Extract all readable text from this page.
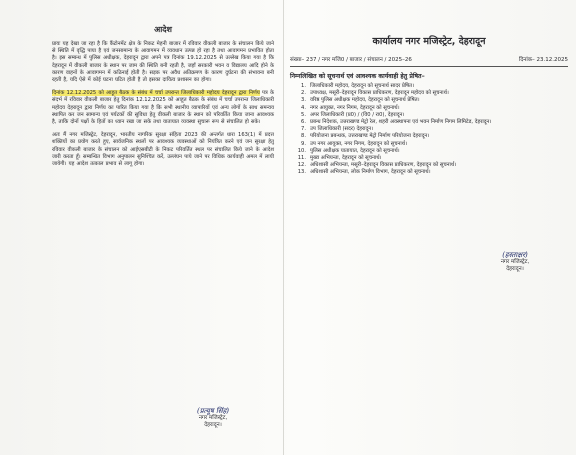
आदेश

प्रायः यह देखा जा रहा है कि कैंटोनमेंट क्षेत्र के निकट मेहनी बाजार में रविवार वीकली बाजार के संचालन किये जाने से स्थिति में वृद्धि पाया है एवं जनसामान्य के आवागमन में व्यवधान उत्पन्न हो रहा है तथा आवागमन प्रभावित होता है। इस सम्बन्ध में पुलिस अधीक्षक, देहरादून द्वारा अपने पत्र दिनांक 19.12.2025 से उल्लेख किया गया है कि देहरादून में वीकली बाजार के स्थान पर जाम की स्थिति बनी रहती है, जहाँ सरकारी भवन व विद्यालय आदि होने के कारण वाहनों के आवागमन में कठिनाई होती है। सड़क पर अवैध अतिक्रमण के कारण दुर्घटना की संभावना बनी रहती है, यदि ऐसे में कोई घटना घटित होती है तो इसका दायित्व प्रशासन का होगा।

दिनांक 12.12.2025 को आहूत बैठक के संबंध में चर्चा उपरान्त जिलाधिकारी महोदय देहरादून द्वारा निर्णय पत्र के संदर्भ में रविवार वीकली बाजार हेतु दिनांक 12.12.2025 को आहूत बैठक के संबंध में चर्चा उपरान्त जिलाधिकारी महोदय देहरादून द्वारा निर्णय का पारित किया गया है कि सभी स्थानीय व्यापारियों एवं अन्य लोगों के साथ समन्वय स्थापित कर जन सामान्य एवं पर्यटकों की सुविधा हेतु वीकली बाजार के स्थान को परिवर्तित किया जाना आवश्यक है, ताकि दोनों पक्षों के हितों का ध्यान रखा जा सके तथा यातायात व्यवस्था सुचारू रूप से संचालित हो सके।

अतः मैं नगर मजिस्ट्रेट, देहरादून, भारतीय नागरिक सुरक्षा संहिता 2023 की अन्तर्गत धारा 163(1) में प्रदत्त शक्तियों का प्रयोग करते हुए, सार्वजनिक स्थलों पर आवश्यक व्यवस्थाओं को नियंत्रित करने एवं जन सुरक्षा हेतु रविवार वीकली बाजार के संचालन को आईएसबीटी के निकट परिवर्तित स्थल पर संचालित किये जाने के आदेश जारी करता हूँ। सम्बन्धित विभाग अनुपालन सुनिश्चित करें, उल्लंघन पाये जाने पर विधिक कार्यवाही अमल में लायी जायेगी। यह आदेश तत्काल प्रभाव से लागू होगा।

(प्रत्यूष सिंह)
नगर मजिस्ट्रेट,
देहरादून।
कार्यालय नगर मजिस्ट्रेट, देहरादून
संख्या– 237 / नगर मजि0 / बाजार / संचालन / 2025–26	दिनांक– 23.12.2025
निम्नलिखित को सूचनार्थ एवं आवश्यक कार्यवाही हेतु प्रेषित–
1. जिलाधिकारी महोदय, देहरादून को सूचनार्थ सादर प्रेषित।
2. उपाध्यक्ष, मसूरी–देहरादून विकास प्राधिकरण, देहरादून महोदय को सूचनार्थ।
3. वरिष्ठ पुलिस अधीक्षक महोदय, देहरादून को सूचनार्थ प्रेषित।
4. नगर आयुक्त, नगर निगम, देहरादून को सूचनार्थ।
5. अपर जिलाधिकारी (प्र0) / (वि0 / रा0), देहरादून।
6. प्रबन्ध निदेशक, उत्तराखण्ड मेट्रो रेल, शहरी अवस्थापना एवं भवन निर्माण निगम लिमिटेड, देहरादून।
7. उप जिलाधिकारी (सदर) देहरादून।
8. परियोजना प्रबन्धक, उत्तराखण्ड मेट्रो निर्माण परियोजना देहरादून।
9. उप नगर आयुक्त, नगर निगम, देहरादून को सूचनार्थ।
10. पुलिस अधीक्षक यातायात, देहरादून को सूचनार्थ।
11. मुख्य अभियन्ता, देहरादून को सूचनार्थ।
12. अधिशासी अभियन्ता, मसूरी–देहरादून विकास प्राधिकरण, देहरादून को सूचनार्थ।
13. अधिशासी अभियन्ता, लोक निर्माण विभाग, देहरादून को सूचनार्थ।
(हस्ताक्षर)
नगर मजिस्ट्रेट,
देहरादून।
